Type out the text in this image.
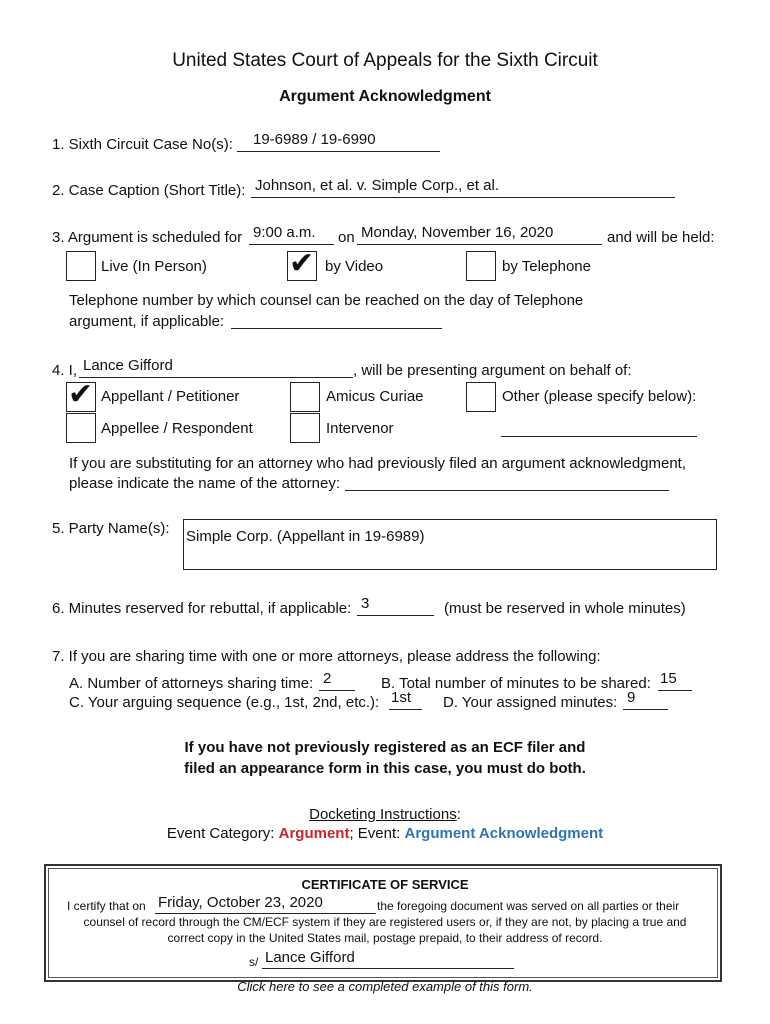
United States Court of Appeals for the Sixth Circuit
Argument Acknowledgment
1. Sixth Circuit Case No(s): 19-6989 / 19-6990
2. Case Caption (Short Title): Johnson, et al. v. Simple Corp., et al.
3. Argument is scheduled for 9:00 a.m. on Monday, November 16, 2020	and will be held:
Live (In Person)	✔ by Video	by Telephone
Telephone number by which counsel can be reached on the day of Telephone
argument, if applicable:
4. I, Lance Gifford	, will be presenting argument on behalf of:
✔ Appellant / Petitioner	Amicus Curiae	Other (please specify below):
Appellee / Respondent	Intervenor
If you are substituting for an attorney who had previously filed an argument acknowledgment,
please indicate the name of the attorney:
5. Party Name(s): Simple Corp. (Appellant in 19-6989)
6. Minutes reserved for rebuttal, if applicable: 3	(must be reserved in whole minutes)
7. If you are sharing time with one or more attorneys, please address the following:
A. Number of attorneys sharing time: 2	B. Total number of minutes to be shared: 15
C. Your arguing sequence (e.g., 1st, 2nd, etc.): 1st D. Your assigned minutes: 9
If you have not previously registered as an ECF filer and
filed an appearance form in this case, you must do both.
Docketing Instructions:
Event Category: Argument; Event: Argument Acknowledgment
CERTIFICATE OF SERVICE
I certify that on Friday, October 23, 2020	the foregoing document was served on all parties or their
counsel of record through the CM/ECF system if they are registered users or, if they are not, by placing a true and
correct copy in the United States mail, postage prepaid, to their address of record.
s/ Lance Gifford
Click here to see a completed example of this form.
